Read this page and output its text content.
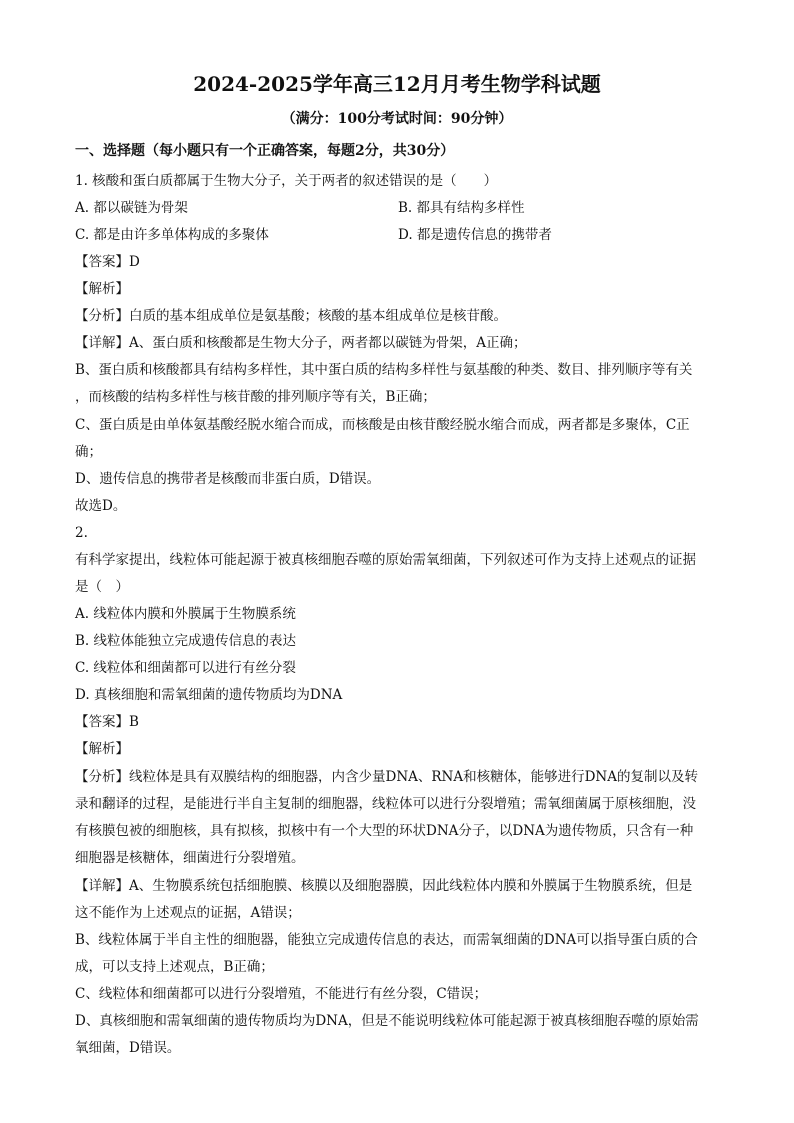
2024-2025学年高三12月月考生物学科试题
（满分：100分考试时间：90分钟）
一、选择题（每小题只有一个正确答案，每题2分，共30分）
1. 核酸和蛋白质都属于生物大分子，关于两者的叙述错误的是（　　）
A. 都以碳链为骨架	B. 都具有结构多样性
C. 都是由许多单体构成的多聚体	D. 都是遗传信息的携带者
【答案】D
【解析】
【分析】白质的基本组成单位是氨基酸；核酸的基本组成单位是核苷酸。
【详解】A、蛋白质和核酸都是生物大分子，两者都以碳链为骨架，A正确；
B、蛋白质和核酸都具有结构多样性，其中蛋白质的结构多样性与氨基酸的种类、数目、排列顺序等有关
，而核酸的结构多样性与核苷酸的排列顺序等有关，B正确；
C、蛋白质是由单体氨基酸经脱水缩合而成，而核酸是由核苷酸经脱水缩合而成，两者都是多聚体，C正
确；
D、遗传信息的携带者是核酸而非蛋白质，D错误。
故选D。
2.
有科学家提出，线粒体可能起源于被真核细胞吞噬的原始需氧细菌，下列叙述可作为支持上述观点的证据
是（　）
A. 线粒体内膜和外膜属于生物膜系统
B. 线粒体能独立完成遗传信息的表达
C. 线粒体和细菌都可以进行有丝分裂
D. 真核细胞和需氧细菌的遗传物质均为DNA
【答案】B
【解析】
【分析】线粒体是具有双膜结构的细胞器，内含少量DNA、RNA和核糖体，能够进行DNA的复制以及转
录和翻译的过程，是能进行半自主复制的细胞器，线粒体可以进行分裂增殖；需氧细菌属于原核细胞，没
有核膜包被的细胞核，具有拟核，拟核中有一个大型的环状DNA分子，以DNA为遗传物质，只含有一种
细胞器是核糖体，细菌进行分裂增殖。
【详解】A、生物膜系统包括细胞膜、核膜以及细胞器膜，因此线粒体内膜和外膜属于生物膜系统，但是
这不能作为上述观点的证据，A错误；
B、线粒体属于半自主性的细胞器，能独立完成遗传信息的表达，而需氧细菌的DNA可以指导蛋白质的合
成，可以支持上述观点，B正确；
C、线粒体和细菌都可以进行分裂增殖，不能进行有丝分裂，C错误；
D、真核细胞和需氧细菌的遗传物质均为DNA，但是不能说明线粒体可能起源于被真核细胞吞噬的原始需
氧细菌，D错误。
